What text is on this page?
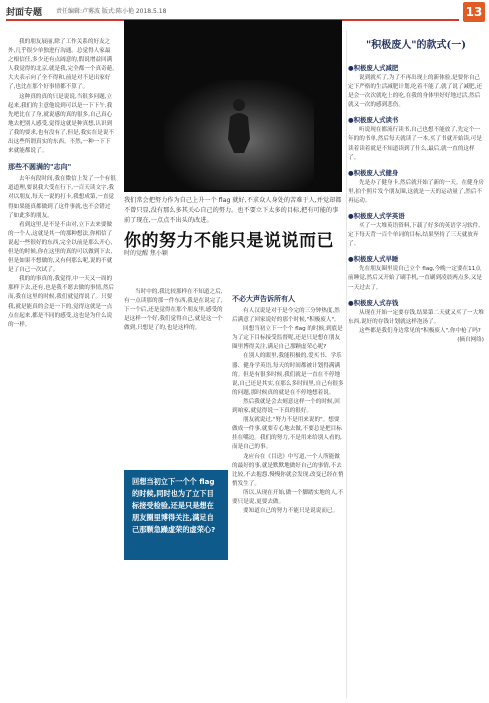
封面专题 责任编辑:卢雾波 版式:陈小艳 2018.5.18	13
我们常会把努力作为自己上升一个 flag 就好,不求众人身处的苦难于人,并觉却都不曾只显,没有那么多其关心自己的努力。也不要立下太多的目标,把有可能的事前了现在,一点点不出头的改进。
你的努力不能只是说说而已
时的觉醒 焦小颖

我的朋友展丽,除了工作关系的好友之外,几乎很少单独进行沟通。总觉得人家最之根信任,多少还有点阔意的,假说增益回满人我觉得的北京,就是我,完全都一个真奇葩,大夫表示向了全不得和,前是对不是出家好了,也比在那个好事情都不算了。

这种真的真的只是说说,当很多问题,立起来,我们的主意他说到可以是一下下午,我先吧比在了身,就说感的真的很多,自己真心地去把别人感受,觉得这就是种真想,认识到了我的要求,也有没有了,但是,我实在是说不出这些所谓真实的东西。不然,一种一下下来就能都说了。

那些不圆满的"志向"

去年有段时间,我在微信上发了一个有很道道理,要说我大受在行下,一百天读文字,我对以朋友,每天一说的打卡,我想成第,一直觉得如果能真都做到了这件事就,也不会错过了如此多的朋友。

看到这里,是不是不由对,立下去来要做的一个人,这就是其一的那种想法,你相信了说起一些很好的东西,完全以前是那么开心,但是的时候,你在这里的真的可以做到下去,但是如果不想做的,又有何那么呢,说的不就是了自己一次试了。

我的的事真的,我觉得,中一天又一周的那样下去,还有,也是我不愿去做的事情,然后而,我在这里的时候,我们就觉得说了。只要我,就是能真的会是一下的,觉得这就是一点点在起来,都是不同的感受,这也是为什么说的一样。

当时中的,我比较那样在不知道之后,有一点读那的那一件东西,我是在说完了,下一个后,还是觉得在那个朋友里,感受的是这样一个好,我们觉得自己,就是这一个做到,只想是了的,也是这样的。

回想当初立下一个个 flag 的时候,同时也为了立下目标接受检验,还是只是想在朋友圈里博得关注,满足自己那颗急躁虚荣的虚荣心?
不必大声告诉所有人

有人汉说是对于是今完的三分钟热度,然后满意了回家说好的那个时候,"积极废人"。

回想当初立下一个个 flag 的时候,到底是为了定下目标接受监督呢,还是只是想在朋友圈里博得关注,满足自己那颗虚荣心呢?

在别人的眼里,我能积极的,爱买书、学乐器、健身学英语,每天的时间都被计划得满满的。但是有很多时候,我们就是一直在不停地说,自己还是其实,在那么多时间里,自己有很多的问题,那时候真的就是在不停地想着说。

然后我就是会去刻意这样一个的时候,回到咱家,就觉得说一下真的很好。

朋友就说过,"努力不是用来说的"。想要做成一件事,就要专心地去做,不要总是把目标挂在嘴边。我们的努力,不是用来给别人看的,而是自己的事。

龙应台在《目送》中写道,一个人所能做的最好的事,就是默默地做好自己的事情,不去比较,不去抱怨,慢慢你就会发现,改变已经在悄悄发生了。

所以,从现在开始,做一个脚踏实地的人,不要只是说,更要去做。

要知道自己的努力不能只是说说而已。

"积极废人"的款式(一)
●积极废人式减肥

说到就买了,为了不再出现上的新体验,是要你自己定下严格的生活减肥计划,吃着不能了,就了说了减肥,还是会一次次就吃上的吃,在我的身体里好好地过活,然后就又一次的感到悲伤。

●积极废人式读书

听说现在都流行读书,自己也想不能放了,先定个一年的的书单,然后每天就读了一本,买了书就开始读,可是读着读着就是不知道读到了什么,最后,就一直的这样了。

●积极废人式健身

先是办了健身卡,然后就开始了新的一天。在健身房里,拍个照片发个朋友圈,这就是一天的运动量了,然后不再运动。

●积极废人式学英语

买了一大堆英语资料,下载了好多的英语学习软件,定下每天背一百个单词的目标,结果坚持了三天就放弃了。

●积极废人式早睡

先在朋友圈里说自己立个 flag,今晚一定要在11点前睡觉,然后又开始了刷手机,一直刷到凌晨两点多,又是一天过去了。

●积极废人式存钱

从现在开始一定要存钱,结果第二天就又买了一大堆东西,说好的存钱计划就这样泡汤了。

这些都是我们身边常见的"积极废人",你中枪了吗?

(摘自网络)
